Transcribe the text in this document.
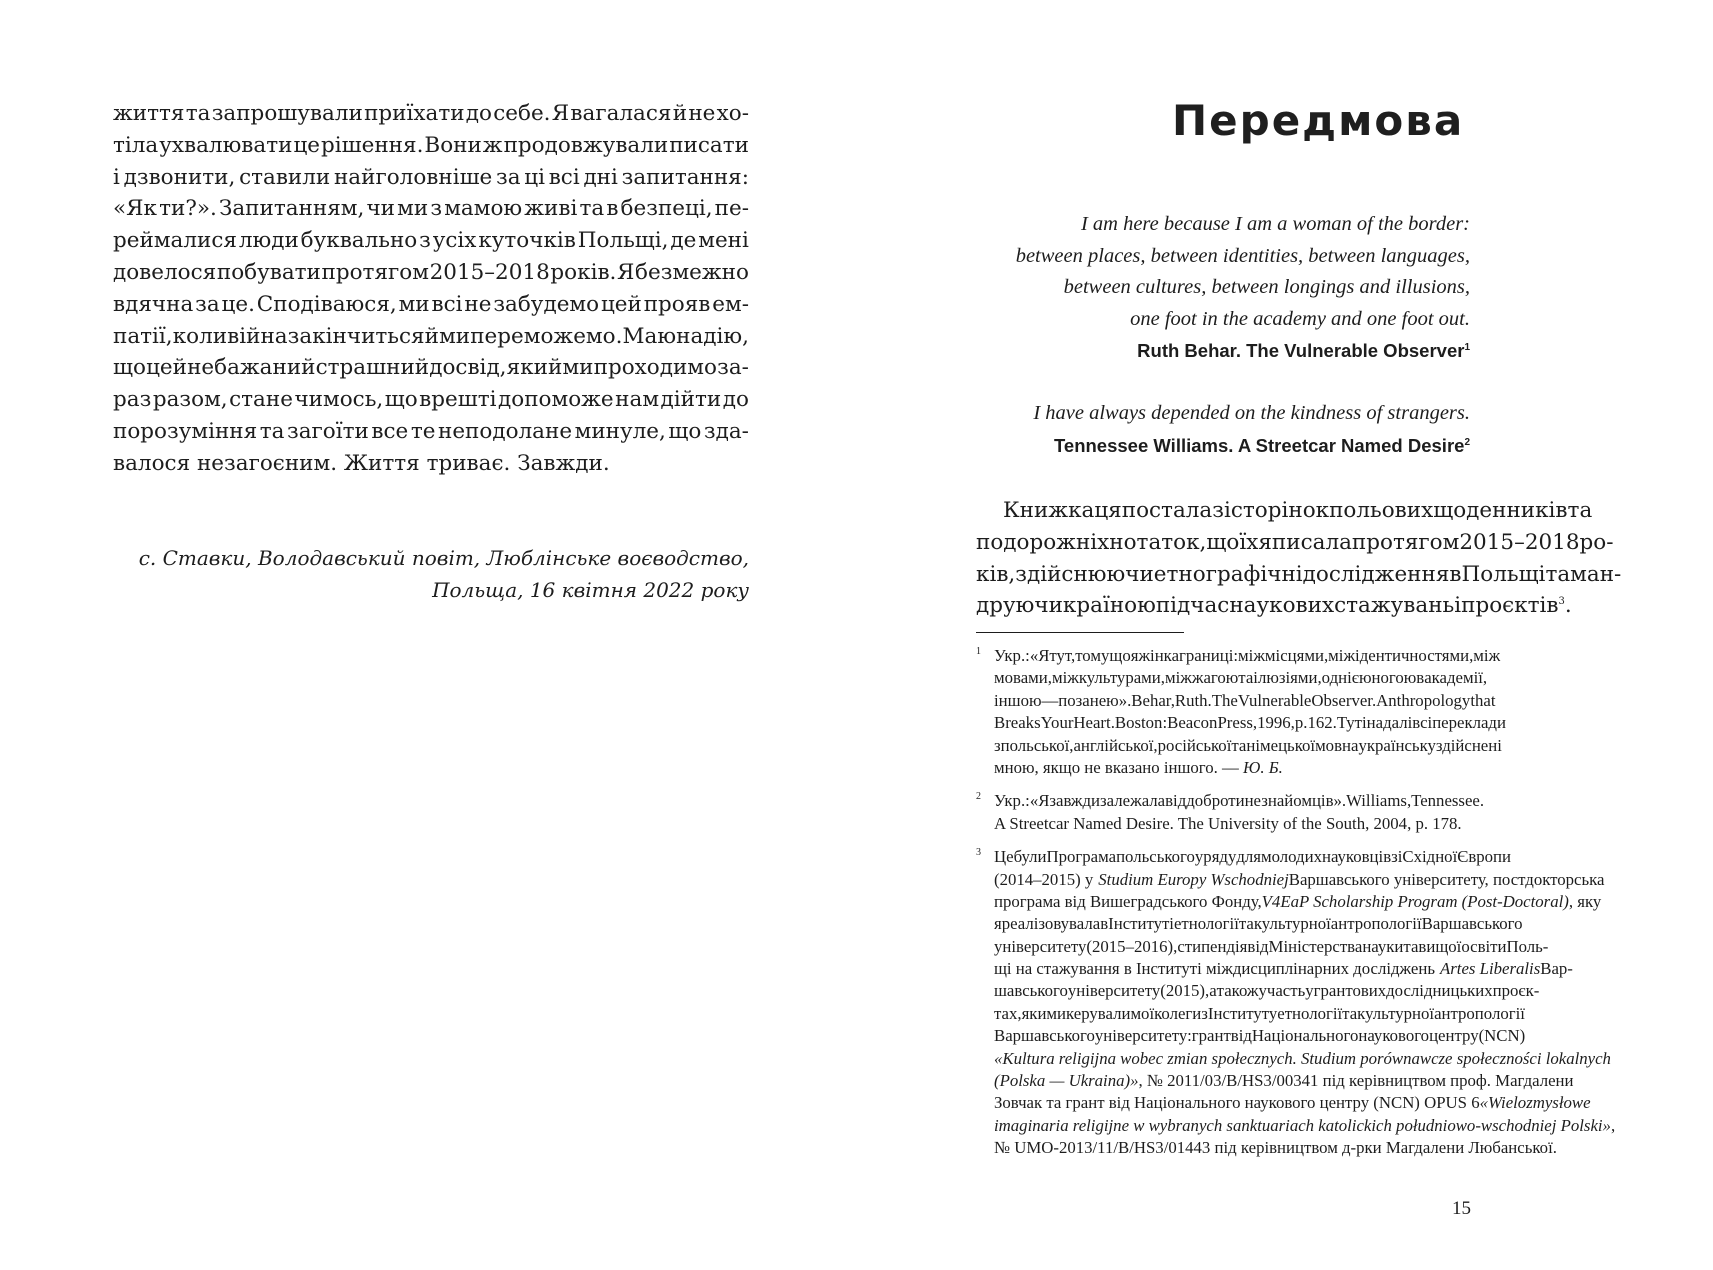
життя та запрошували приїхати до себе. Я вагалася й не хо-
тіла ухвалювати це рішення. Вони ж продовжували писати
і дзвонити, ставили найголовніше за ці всі дні запитання:
«Як ти?». Запитанням, чи ми з мамою живі та в безпеці, пе-
реймалися люди буквально з усіх куточків Польщі, де мені
довелося побувати протягом 2015–2018 років. Я безмежно
вдячна за це. Сподіваюся, ми всі не забудемо цей прояв ем-
патії, коли війна закінчиться й ми переможемо. Маю надію,
що цей небажаний страшний досвід, який ми проходимо за-
раз разом, стане чимось, що врешті допоможе нам дійти до
порозуміння та загоїти все те неподолане минуле, що зда-
валося незагоєним. Життя триває. Завжди.
с. Ставки, Володавський повіт, Люблінське воєводство,
Польща, 16 квітня 2022 року
Передмова
I am here because I am a woman of the border:
between places, between identities, between languages,
between cultures, between longings and illusions,
one foot in the academy and one foot out.
Ruth Behar. The Vulnerable Observer$^1$
I have always depended on the kindness of strangers.
Tennessee Williams. A Streetcar Named Desire$^2$
Книжка ця постала зі сторінок польових щоденників та
подорожніх нотаток, що їх я писала протягом 2015–2018 ро-
ків, здійснюючи етнографічні дослідження в Польщі та ман-
друючи країною під час наукових стажувань і проєктів$^3$.
1 Укр.: «Я тут, тому що я жінка границі: між місцями, між ідентичностями, між
мовами, між культурами, між жагою та ілюзіями, однією ногою в академії,
іншою — поза нею». Behar, Ruth. The Vulnerable Observer. Anthropology that
Breaks Your Heart. Boston: Beacon Press, 1996, p. 162. Тут і надалі всі переклади
з польської, англійської, російської та німецької мов на українську здійснені
мною, якщо не вказано іншого. —
Ю. Б.
2 Укр.: «Я завжди залежала від доброти незнайомців». Williams, Tennessee.
A Streetcar Named Desire. The University of the South, 2004, p. 178.
3 Це були Програма польського уряду для молодих науковців зі Східної Європи
(2014–2015) у Studium Europy Wschodniej Варшавського університету, постдокторська
програма від Вишеградського Фонду, V4EaP Scholarship Program (Post-Doctoral), яку
я реалізовувала в Інституті етнології та культурної антропології Варшавського
університету (2015–2016), стипендія від Міністерства науки та вищої освіти Поль-
щі на стажування в Інституті міждисциплінарних досліджень Artes Liberalis Вар-
шавського університету (2015), а також участь у грантових дослідницьких проєк-
тах, якими керували мої колеги з Інституту етнології та культурної антропології
Варшавського університету: грант від Національного наукового центру (NCN)
«Kultura religijna wobec zmian społecznych. Studium porównawcze społeczności lokalnych
(Polska — Ukraina)» , № 2011/03/B/HS3/00341 під керівництвом проф. Магдалени
Зовчак та грант від Національного наукового центру (NCN) OPUS 6 «Wielozmysłowe
imaginaria religijne w wybranych sanktuariach katolickich południowo-wschodniej Polski»,
№ UMO-2013/11/B/HS3/01443 під керівництвом д-рки Магдалени Любанської.
15
